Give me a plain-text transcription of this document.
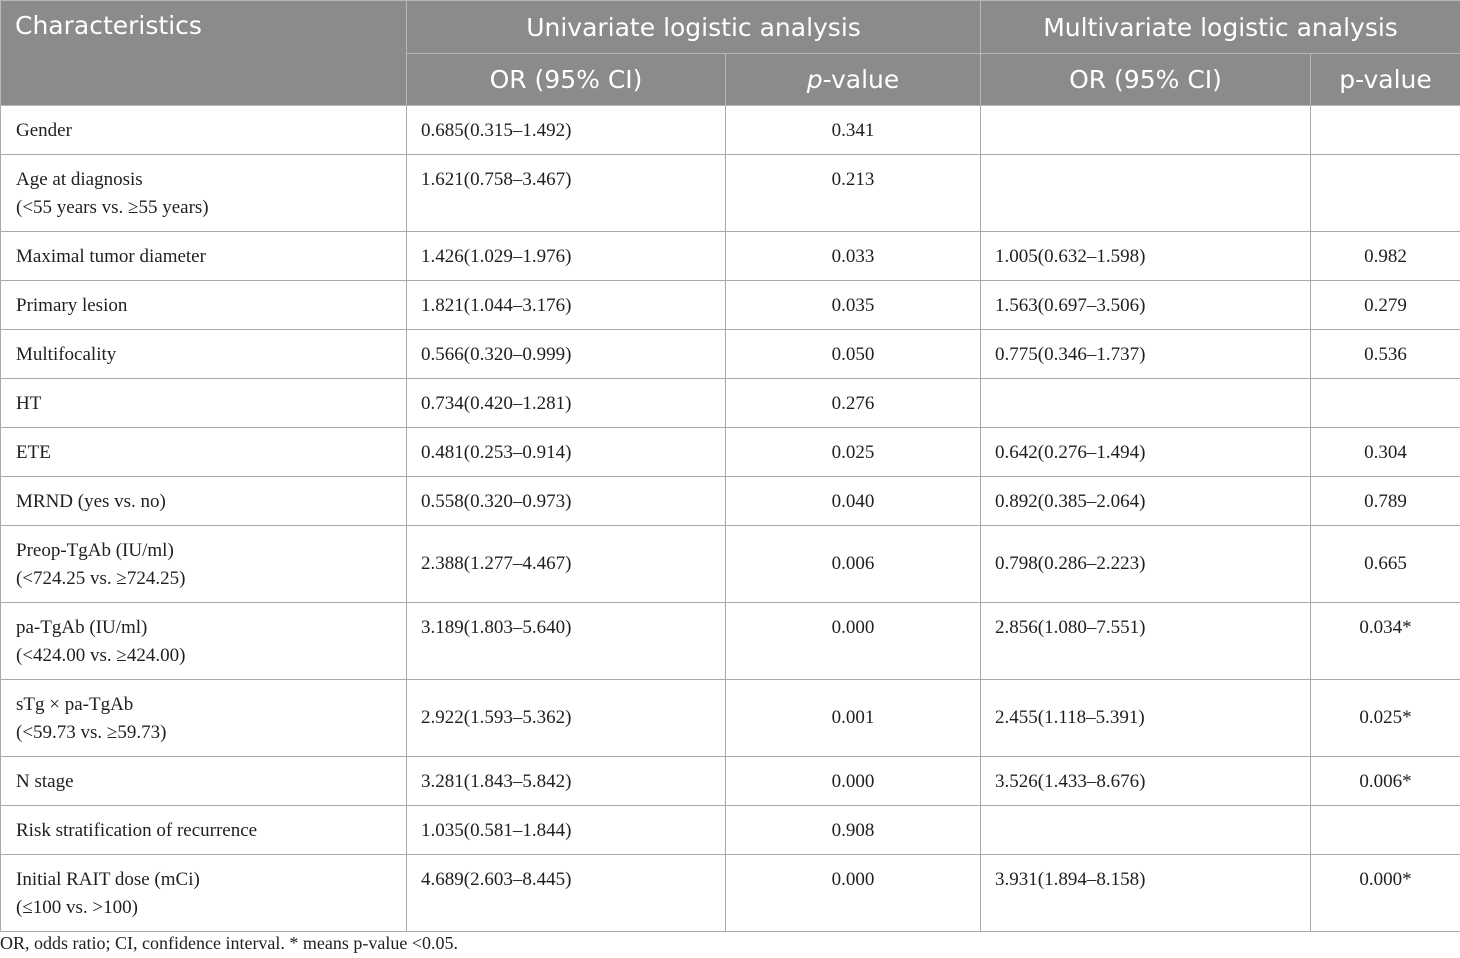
Characteristics	Univariate logistic analysis		Multivariate logistic analysis	
	OR (95% CI)	p-value	OR (95% CI)	p-value

Gender	0.685(0.315–1.492)	0.341		

Age at diagnosis
(<55 years vs. ≥55 years)	1.621(0.758–3.467)	0.213		

Maximal tumor diameter	1.426(1.029–1.976)	0.033	1.005(0.632–1.598)	0.982

Primary lesion	1.821(1.044–3.176)	0.035	1.563(0.697–3.506)	0.279

Multifocality	0.566(0.320–0.999)	0.050	0.775(0.346–1.737)	0.536

HT	0.734(0.420–1.281)	0.276		

ETE	0.481(0.253–0.914)	0.025	0.642(0.276–1.494)	0.304

MRND (yes vs. no)	0.558(0.320–0.973)	0.040	0.892(0.385–2.064)	0.789

Preop-TgAb (IU/ml)
(<724.25 vs. ≥724.25)	2.388(1.277–4.467)	0.006	0.798(0.286–2.223)	0.665

pa-TgAb (IU/ml)
(<424.00 vs. ≥424.00)	3.189(1.803–5.640)	0.000	2.856(1.080–7.551)	0.034*

sTg × pa-TgAb
(<59.73 vs. ≥59.73)	2.922(1.593–5.362)	0.001	2.455(1.118–5.391)	0.025*

N stage	3.281(1.843–5.842)	0.000	3.526(1.433–8.676)	0.006*

Risk stratification of recurrence	1.035(0.581–1.844)	0.908		

Initial RAIT dose (mCi)
(≤100 vs. >100)	4.689(2.603–8.445)	0.000	3.931(1.894–8.158)	0.000*
OR, odds ratio; CI, confidence interval. * means p-value <0.05.
